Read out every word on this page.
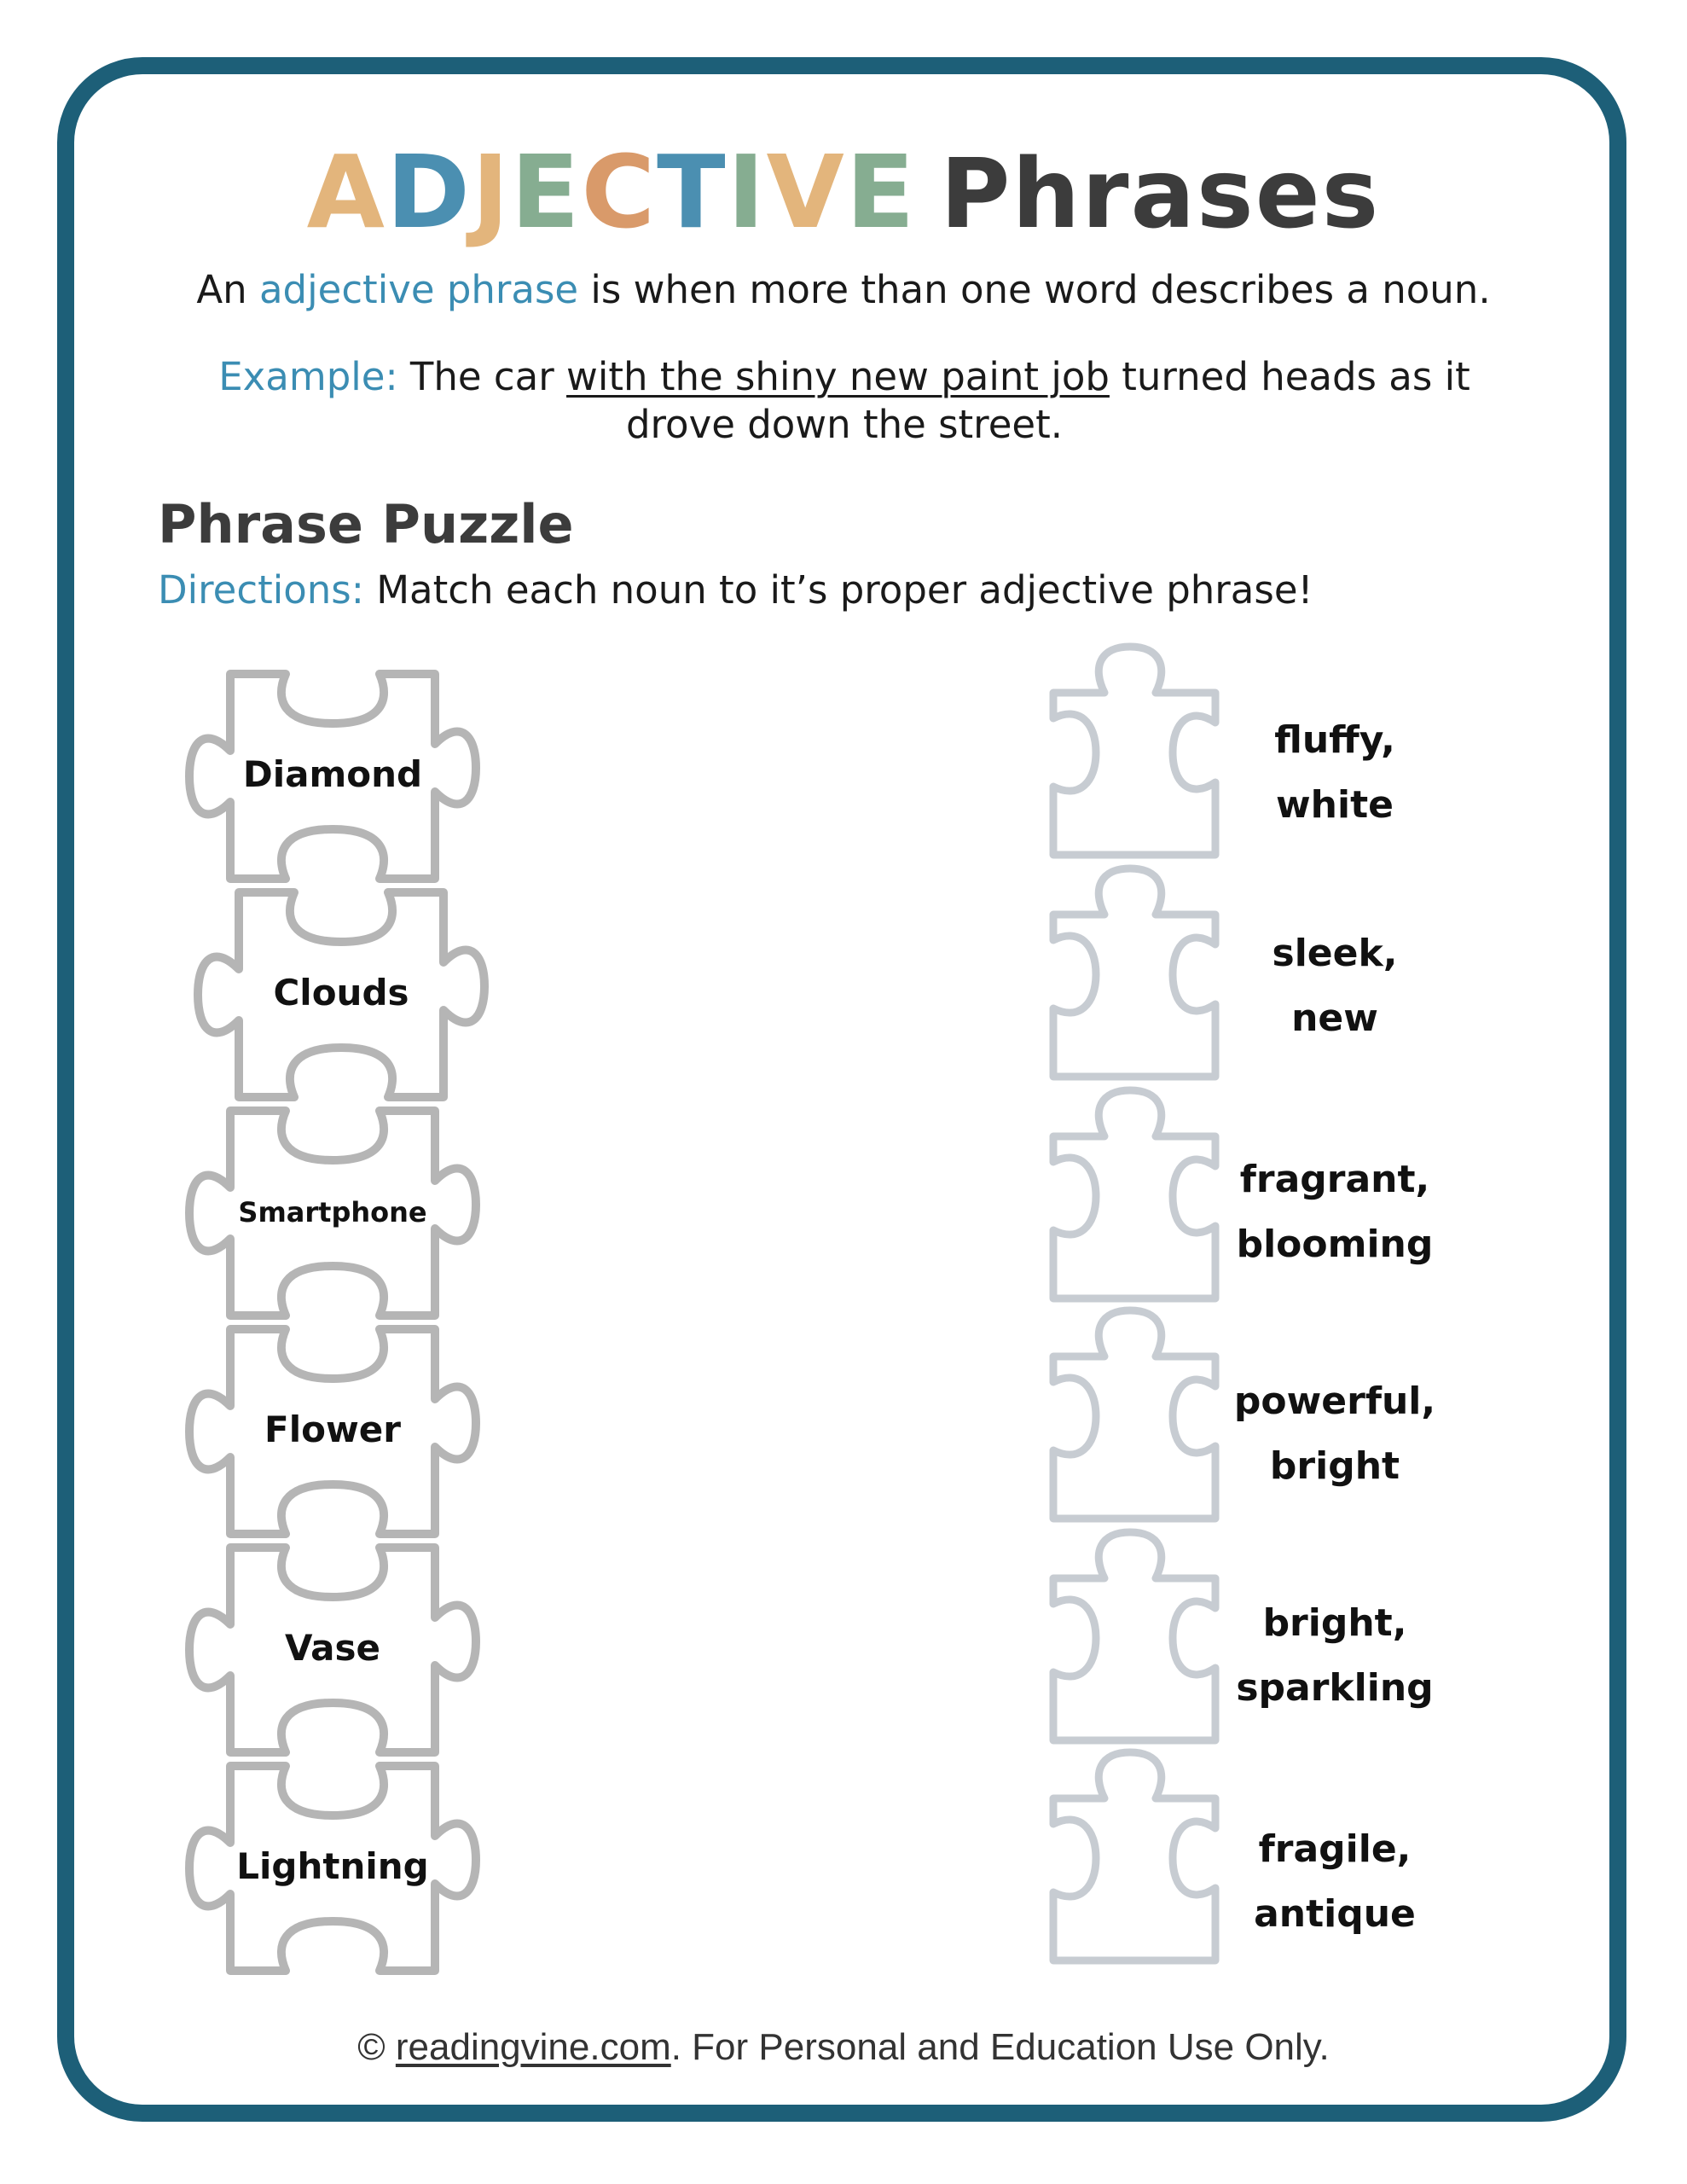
ADJECTIVE Phrases
An adjective phrase is when more than one word describes a noun.
Example: The car with the shiny new paint job turned heads as it drove down the street.
Phrase Puzzle
Directions: Match each noun to it’s proper adjective phrase!
Diamond
Clouds
Smartphone
Flower
Vase
Lightning
fluffy,
white
sleek,
new
fragrant,
blooming
powerful,
bright
bright,
sparkling
fragile,
antique
© readingvine.com. For Personal and Education Use Only.
